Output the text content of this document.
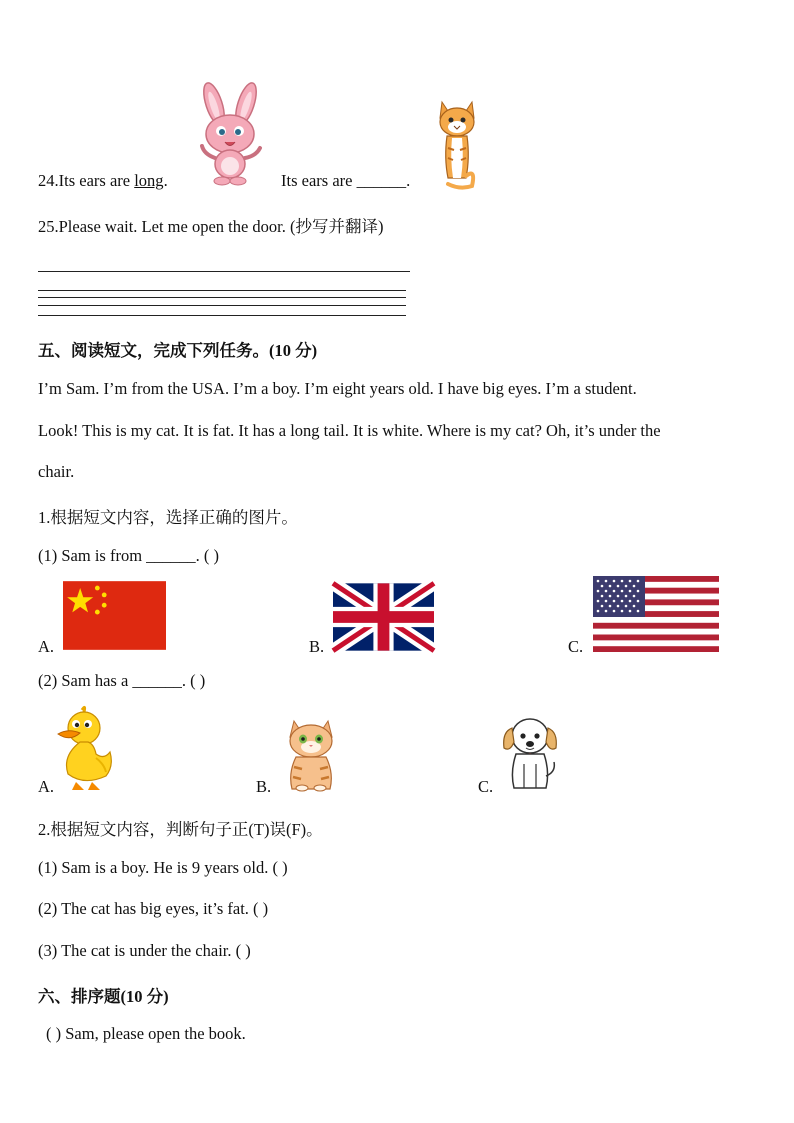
24.Its ears are long.	Its ears are ______.
25.Please wait. Let me open the door. (抄写并翻译)
五、阅读短文，完成下列任务。(10 分)
I’m Sam. I’m from the USA. I’m a boy. I’m eight years old. I have big eyes. I’m a student.
Look! This is my cat. It is fat. It has a long tail. It is white. Where is my cat? Oh, it’s under the
chair.
1.根据短文内容，选择正确的图片。
(1) Sam is from ______. ( )
A.	B.	C.
(2) Sam has a ______. ( )
A.	B.	C.
2.根据短文内容，判断句子正(T)误(F)。
(1) Sam is a boy. He is 9 years old. ( )
(2) The cat has big eyes, it’s fat. ( )
(3) The cat is under the chair. ( )
六、排序题(10 分)
( ) Sam, please open the book.
